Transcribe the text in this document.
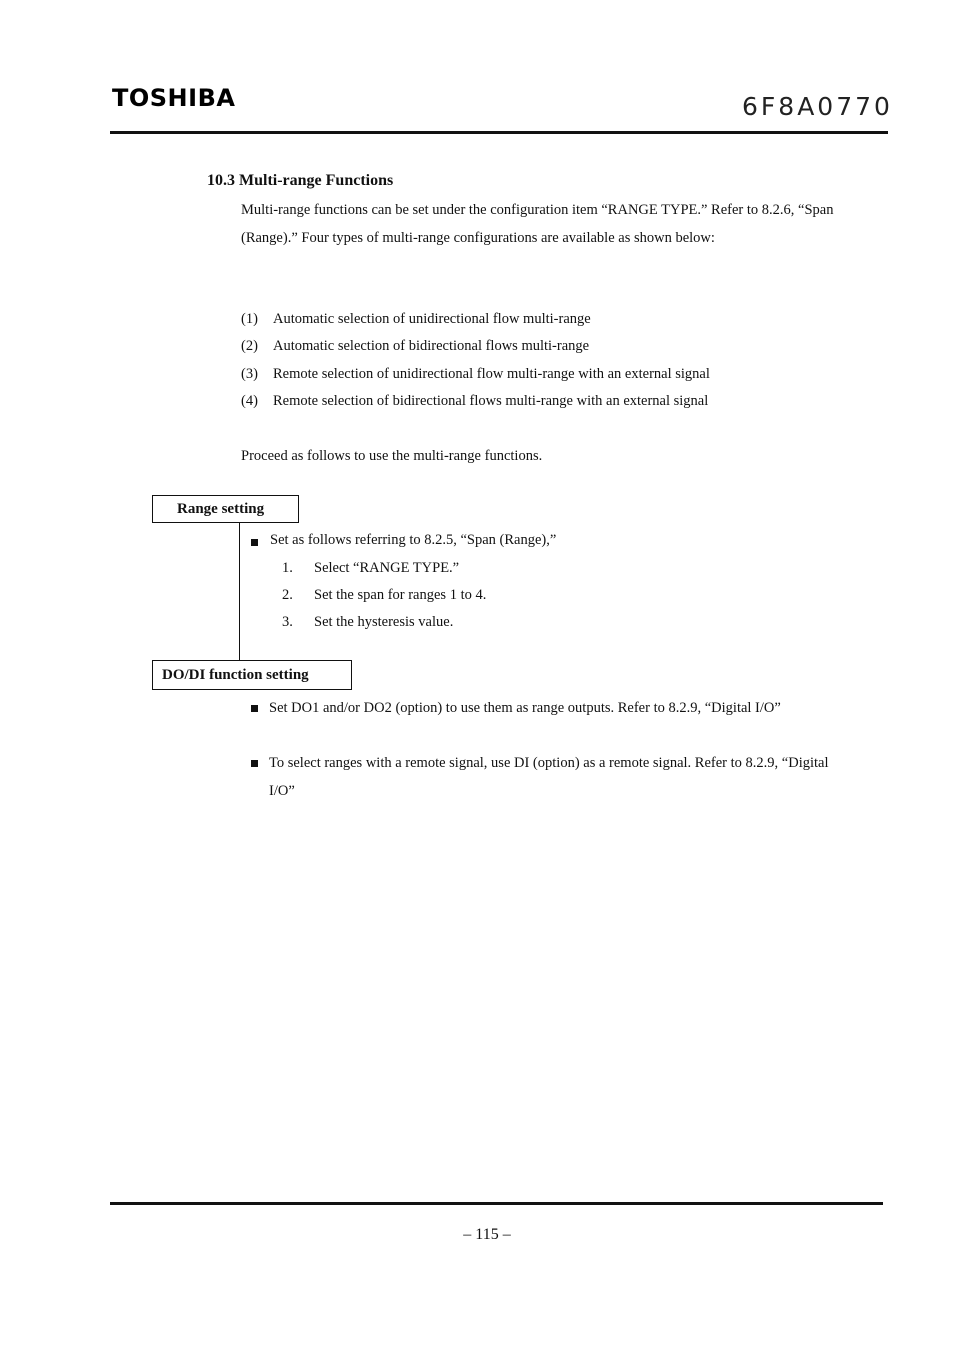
TOSHIBA	6F8A0770
10.3 Multi-range Functions
Multi-range functions can be set under the configuration item “RANGE TYPE.” Refer to 8.2.6, “Span (Range).” Four types of multi-range configurations are available as shown below:
(1) Automatic selection of unidirectional flow multi-range
(2) Automatic selection of bidirectional flows multi-range
(3) Remote selection of unidirectional flow multi-range with an external signal
(4) Remote selection of bidirectional flows multi-range with an external signal
Proceed as follows to use the multi-range functions.
Range setting
Set as follows referring to 8.2.5, “Span (Range),”
1. Select “RANGE TYPE.”
2. Set the span for ranges 1 to 4.
3. Set the hysteresis value.
DO/DI function setting
Set DO1 and/or DO2 (option) to use them as range outputs. Refer to 8.2.9, “Digital I/O”
To select ranges with a remote signal, use DI (option) as a remote signal. Refer to 8.2.9, “Digital I/O”
– 115 –
